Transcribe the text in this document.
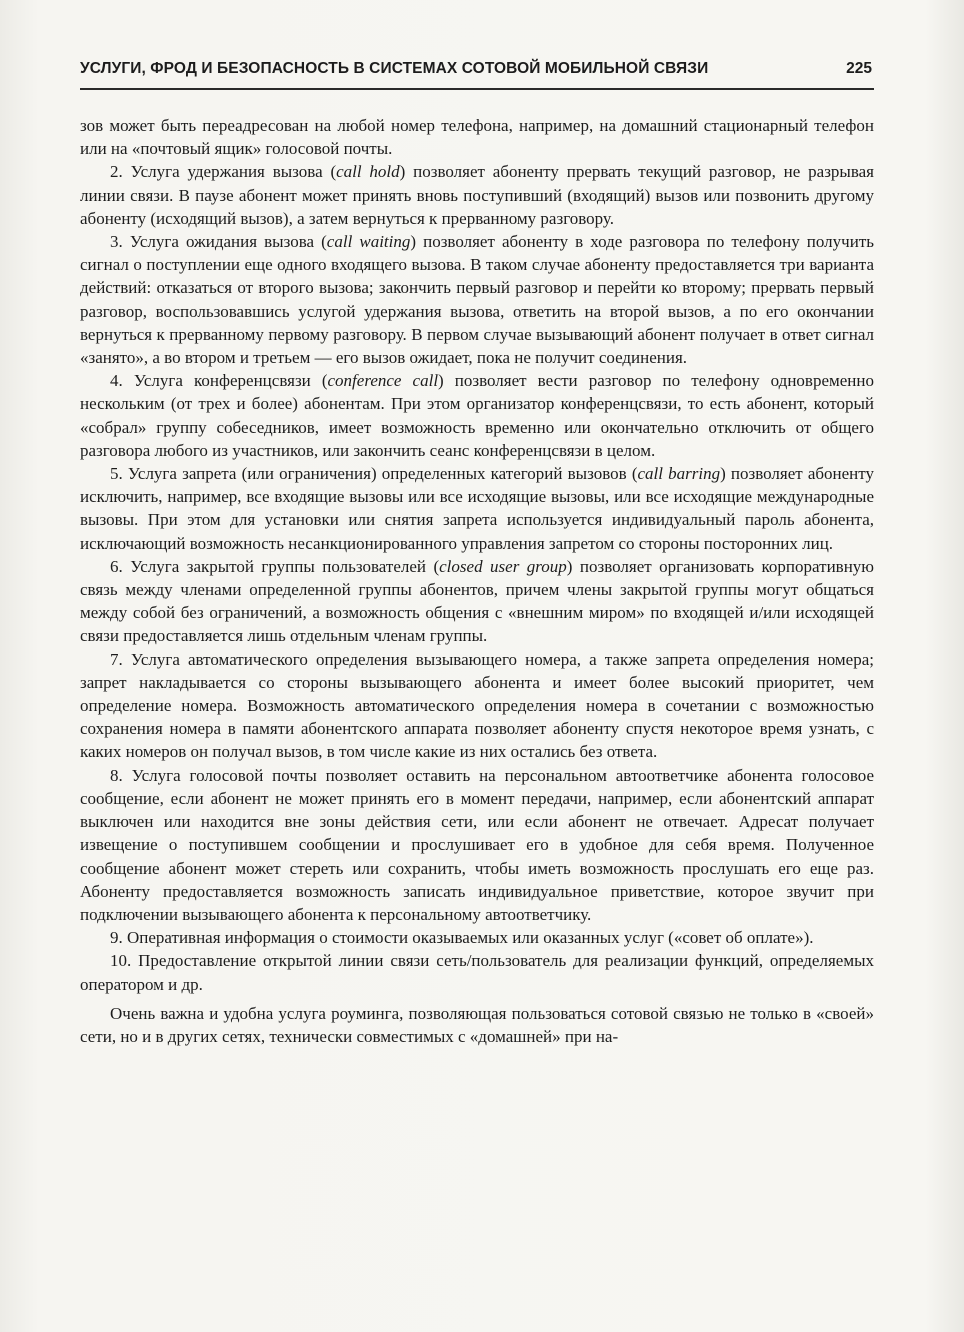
УСЛУГИ, ФРОД И БЕЗОПАСНОСТЬ В СИСТЕМАХ СОТОВОЙ МОБИЛЬНОЙ СВЯЗИ	225

зов может быть переадресован на любой номер телефона, например, на домашний стационарный телефон или на «почтовый ящик» голосовой почты.

2. Услуга удержания вызова (call hold) позволяет абоненту прервать текущий разговор, не разрывая линии связи. В паузе абонент может принять вновь поступивший (входящий) вызов или позвонить другому абоненту (исходящий вызов), а затем вернуться к прерванному разговору.

3. Услуга ожидания вызова (call waiting) позволяет абоненту в ходе разговора по телефону получить сигнал о поступлении еще одного входящего вызова. В таком случае абоненту предоставляется три варианта действий: отказаться от второго вызова; закончить первый разговор и перейти ко второму; прервать первый разговор, воспользовавшись услугой удержания вызова, ответить на второй вызов, а по его окончании вернуться к прерванному первому разговору. В первом случае вызывающий абонент получает в ответ сигнал «занято», а во втором и третьем — его вызов ожидает, пока не получит соединения.

4. Услуга конференцсвязи (conference call) позволяет вести разговор по телефону одновременно нескольким (от трех и более) абонентам. При этом организатор конференцсвязи, то есть абонент, который «собрал» группу собеседников, имеет возможность временно или окончательно отключить от общего разговора любого из участников, или закончить сеанс конференцсвязи в целом.

5. Услуга запрета (или ограничения) определенных категорий вызовов (call barring) позволяет абоненту исключить, например, все входящие вызовы или все исходящие вызовы, или все исходящие международные вызовы. При этом для установки или снятия запрета используется индивидуальный пароль абонента, исключающий возможность несанкционированного управления запретом со стороны посторонних лиц.

6. Услуга закрытой группы пользователей (closed user group) позволяет организовать корпоративную связь между членами определенной группы абонентов, причем члены закрытой группы могут общаться между собой без ограничений, а возможность общения с «внешним миром» по входящей и/или исходящей связи предоставляется лишь отдельным членам группы.

7. Услуга автоматического определения вызывающего номера, а также запрета определения номера; запрет накладывается со стороны вызывающего абонента и имеет более высокий приоритет, чем определение номера. Возможность автоматического определения номера в сочетании с возможностью сохранения номера в памяти абонентского аппарата позволяет абоненту спустя некоторое время узнать, с каких номеров он получал вызов, в том числе какие из них остались без ответа.

8. Услуга голосовой почты позволяет оставить на персональном автоответчике абонента голосовое сообщение, если абонент не может принять его в момент передачи, например, если абонентский аппарат выключен или находится вне зоны действия сети, или если абонент не отвечает. Адресат получает извещение о поступившем сообщении и прослушивает его в удобное для себя время. Полученное сообщение абонент может стереть или сохранить, чтобы иметь возможность прослушать его еще раз. Абоненту предоставляется возможность записать индивидуальное приветствие, которое звучит при подключении вызывающего абонента к персональному автоответчику.

9. Оперативная информация о стоимости оказываемых или оказанных услуг («совет об оплате»).

10. Предоставление открытой линии связи сеть/пользователь для реализации функций, определяемых оператором и др.

Очень важна и удобна услуга роуминга, позволяющая пользоваться сотовой связью не только в «своей» сети, но и в других сетях, технически совместимых с «домашней» при на-
